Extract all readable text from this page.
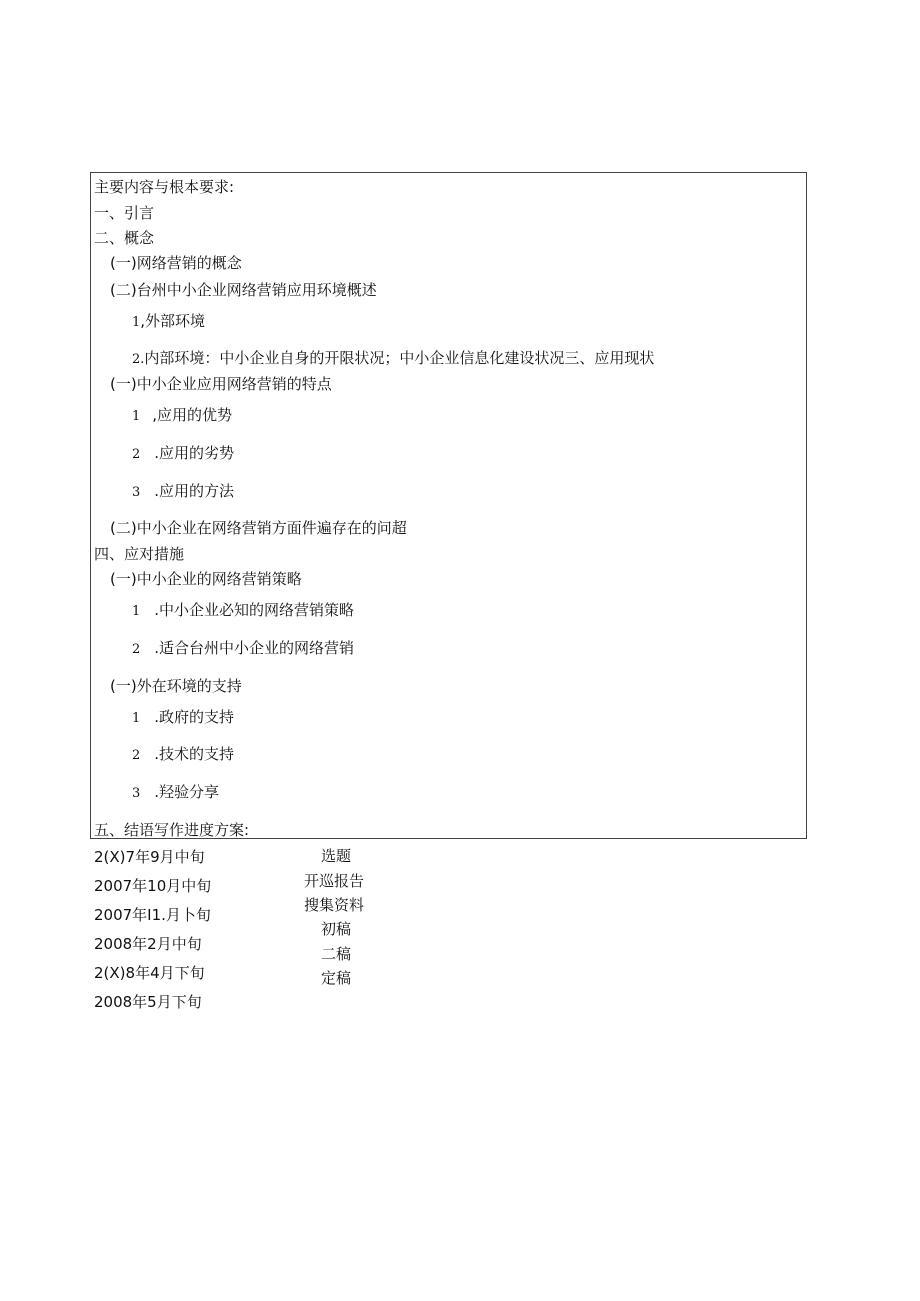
主要内容与根本要求:
一、引言
二、概念
(一)网络营销的概念
(二)台州中小企业网络营销应用环境概述
1,外部环境
2.内部环境：中小企业自身的开限状况；中小企业信息化建设状况三、应用现状
(一)中小企业应用网络营销的特点
1 ,应用的优势
2 .应用的劣势
3 .应用的方法
(二)中小企业在网络营销方面件遍存在的问超
四、应对措施
(一)中小企业的网络营销策略
1 .中小企业必知的网络营销策略
2 .适合台州中小企业的网络营销
(一)外在环境的支持
1 .政府的支持
2 .技术的支持
3 .羟验分享
五、结语写作进度方案:
2(X)7年9月中旬
2007年10月中旬
2007年I1.月卜旬
2008年2月中旬
2(X)8年4月下旬
2008年5月下旬
选题
开巡报告
搜集资料
初稿
二稿
定稿
